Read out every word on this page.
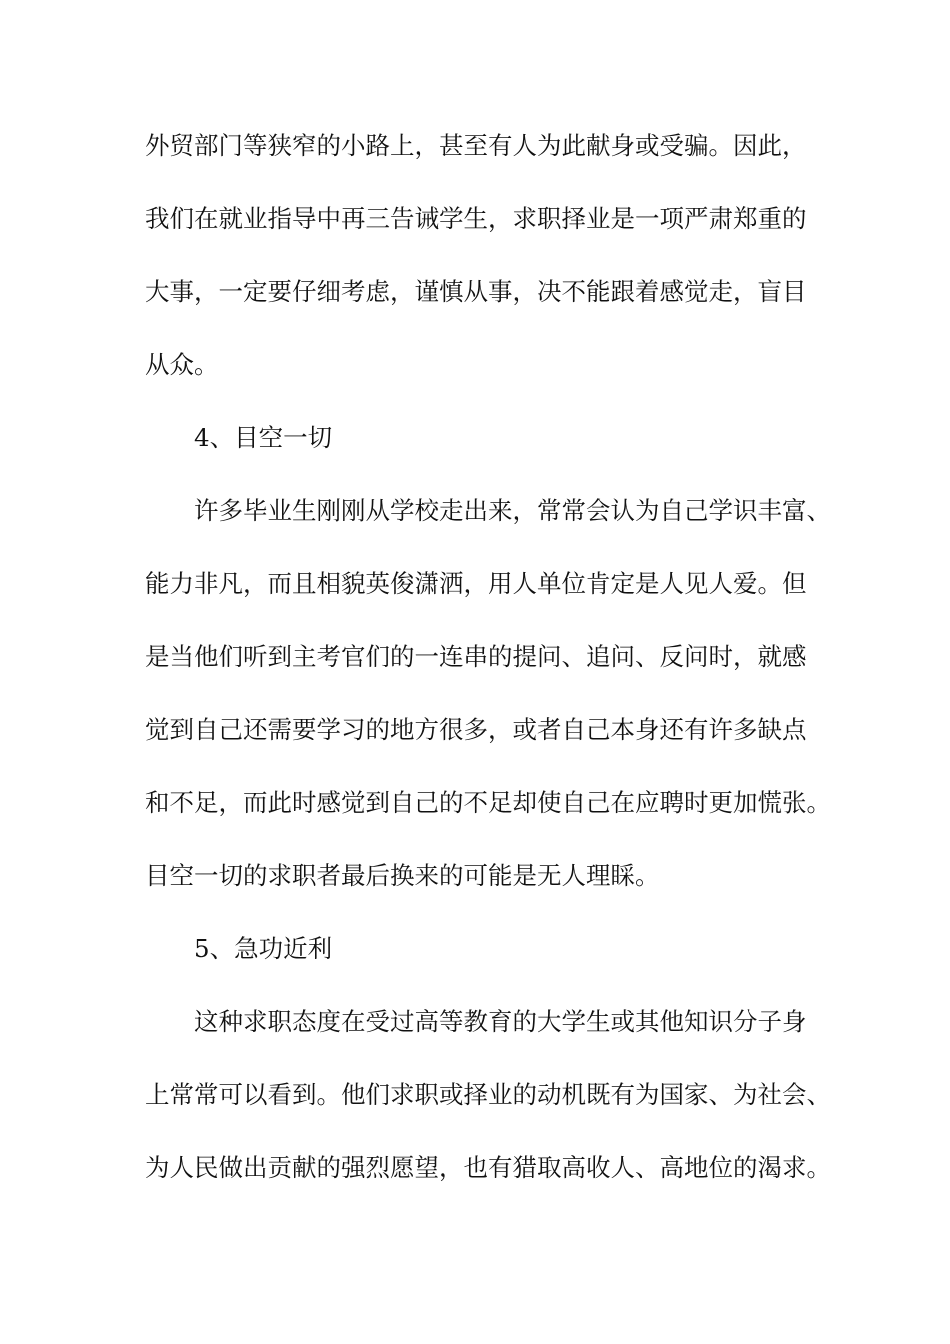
外贸部门等狭窄的小路上，甚至有人为此献身或受骗。因此，
我们在就业指导中再三告诫学生，求职择业是一项严肃郑重的
大事，一定要仔细考虑，谨慎从事，决不能跟着感觉走，盲目
从众。
4、目空一切
许多毕业生刚刚从学校走出来，常常会认为自己学识丰富、
能力非凡，而且相貌英俊潇洒，用人单位肯定是人见人爱。但
是当他们听到主考官们的一连串的提问、追问、反问时，就感
觉到自己还需要学习的地方很多，或者自己本身还有许多缺点
和不足，而此时感觉到自己的不足却使自己在应聘时更加慌张。
目空一切的求职者最后换来的可能是无人理睬。
5、急功近利
这种求职态度在受过高等教育的大学生或其他知识分子身
上常常可以看到。他们求职或择业的动机既有为国家、为社会、
为人民做出贡献的强烈愿望，也有猎取高收人、高地位的渴求。
